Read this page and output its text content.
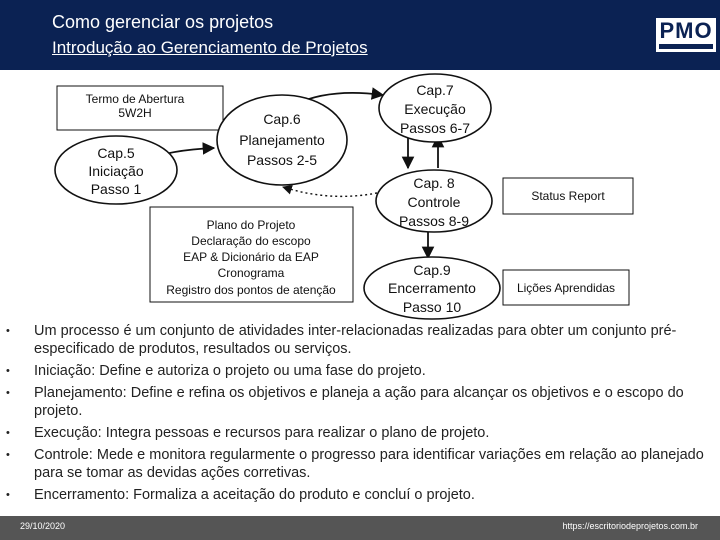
Como gerenciar os projetos
Introdução ao Gerenciamento de Projetos
PMO
Termo de Abertura
5W2H	Cap.6
Planejamento
Passos 2-5
Cap.5
Iniciação
Passo 1
Cap.7
Execução
Passos 6-7
Cap. 8
Controle
Passos 8-9
Cap.9
Encerramento
Passo 10
Plano do Projeto
Declaração do escopo
EAP & Dicionário da EAP
Cronograma
Registro dos pontos de atenção
Status Report
Lições Aprendidas
• Um processo é um conjunto de atividades inter-relacionadas realizadas para obter um conjunto pré-especificado de produtos, resultados ou serviços.
• Iniciação: Define e autoriza o projeto ou uma fase do projeto.
• Planejamento: Define e refina os objetivos e planeja a ação para alcançar os objetivos e o escopo do projeto.
• Execução: Integra pessoas e recursos para realizar o plano de projeto.
• Controle: Mede e monitora regularmente o progresso para identificar variações em relação ao planejado para se tomar as devidas ações corretivas.
• Encerramento: Formaliza a aceitação do produto e concluí o projeto.
29/10/2020	https://escritoriodeprojetos.com.br
